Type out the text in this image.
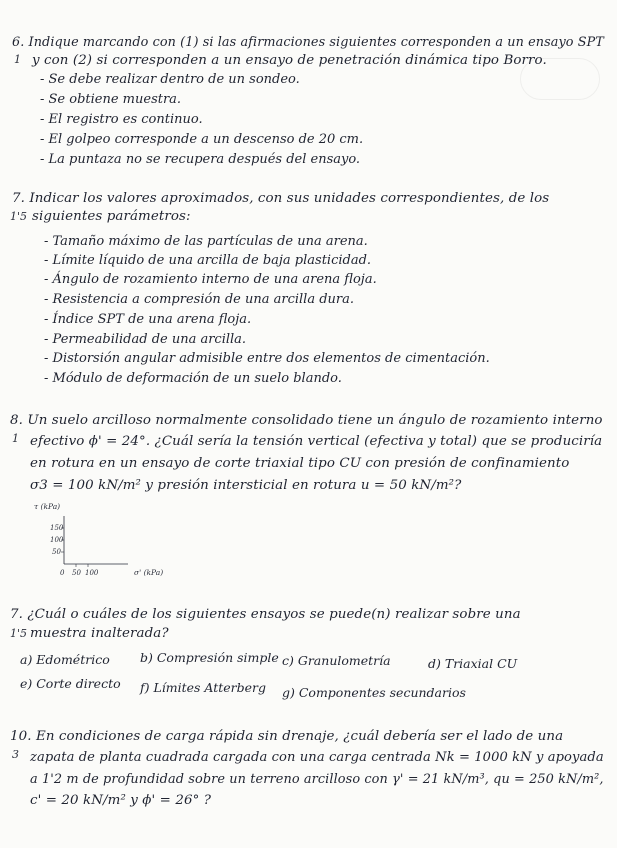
6. Indique marcando con (1) si las afirmaciones siguientes corresponden a un ensayo SPT
1 y con (2) si corresponden a un ensayo de penetración dinámica tipo Borro.
- Se debe realizar dentro de un sondeo.
- Se obtiene muestra.
- El registro es continuo.
- El golpeo corresponde a un descenso de 20 cm.
- La puntaza no se recupera después del ensayo.
7. Indicar los valores aproximados, con sus unidades correspondientes, de los
1'5 siguientes parámetros:
- Tamaño máximo de las partículas de una arena.
- Límite líquido de una arcilla de baja plasticidad.
- Ángulo de rozamiento interno de una arena floja.
- Resistencia a compresión de una arcilla dura.
- Índice SPT de una arena floja.
- Permeabilidad de una arcilla.
- Distorsión angular admisible entre dos elementos de cimentación.
- Módulo de deformación de un suelo blando.
8. Un suelo arcilloso normalmente consolidado tiene un ángulo de rozamiento interno
1 efectivo ϕ' = 24°. ¿Cuál sería la tensión vertical (efectiva y total) que se produciría
en rotura en un ensayo de corte triaxial tipo CU con presión de confinamiento
σ3 = 100 kN/m² y presión intersticial en rotura u = 50 kN/m²?
τ (kPa)
150
100
50
0 50 100	σ' (kPa)
7. ¿Cuál o cuáles de los siguientes ensayos se puede(n) realizar sobre una
1'5 muestra inalterada?
a) Edométrico b) Compresión simple c) Granulometría	d) Triaxial CU
e) Corte directo f) Límites Atterberg g) Componentes secundarios
10. En condiciones de carga rápida sin drenaje, ¿cuál debería ser el lado de una
3 zapata de planta cuadrada cargada con una carga centrada Nk = 1000 kN y apoyada
a 1'2 m de profundidad sobre un terreno arcilloso con γ' = 21 kN/m³, qu = 250 kN/m²,
c' = 20 kN/m² y ϕ' = 26° ?
